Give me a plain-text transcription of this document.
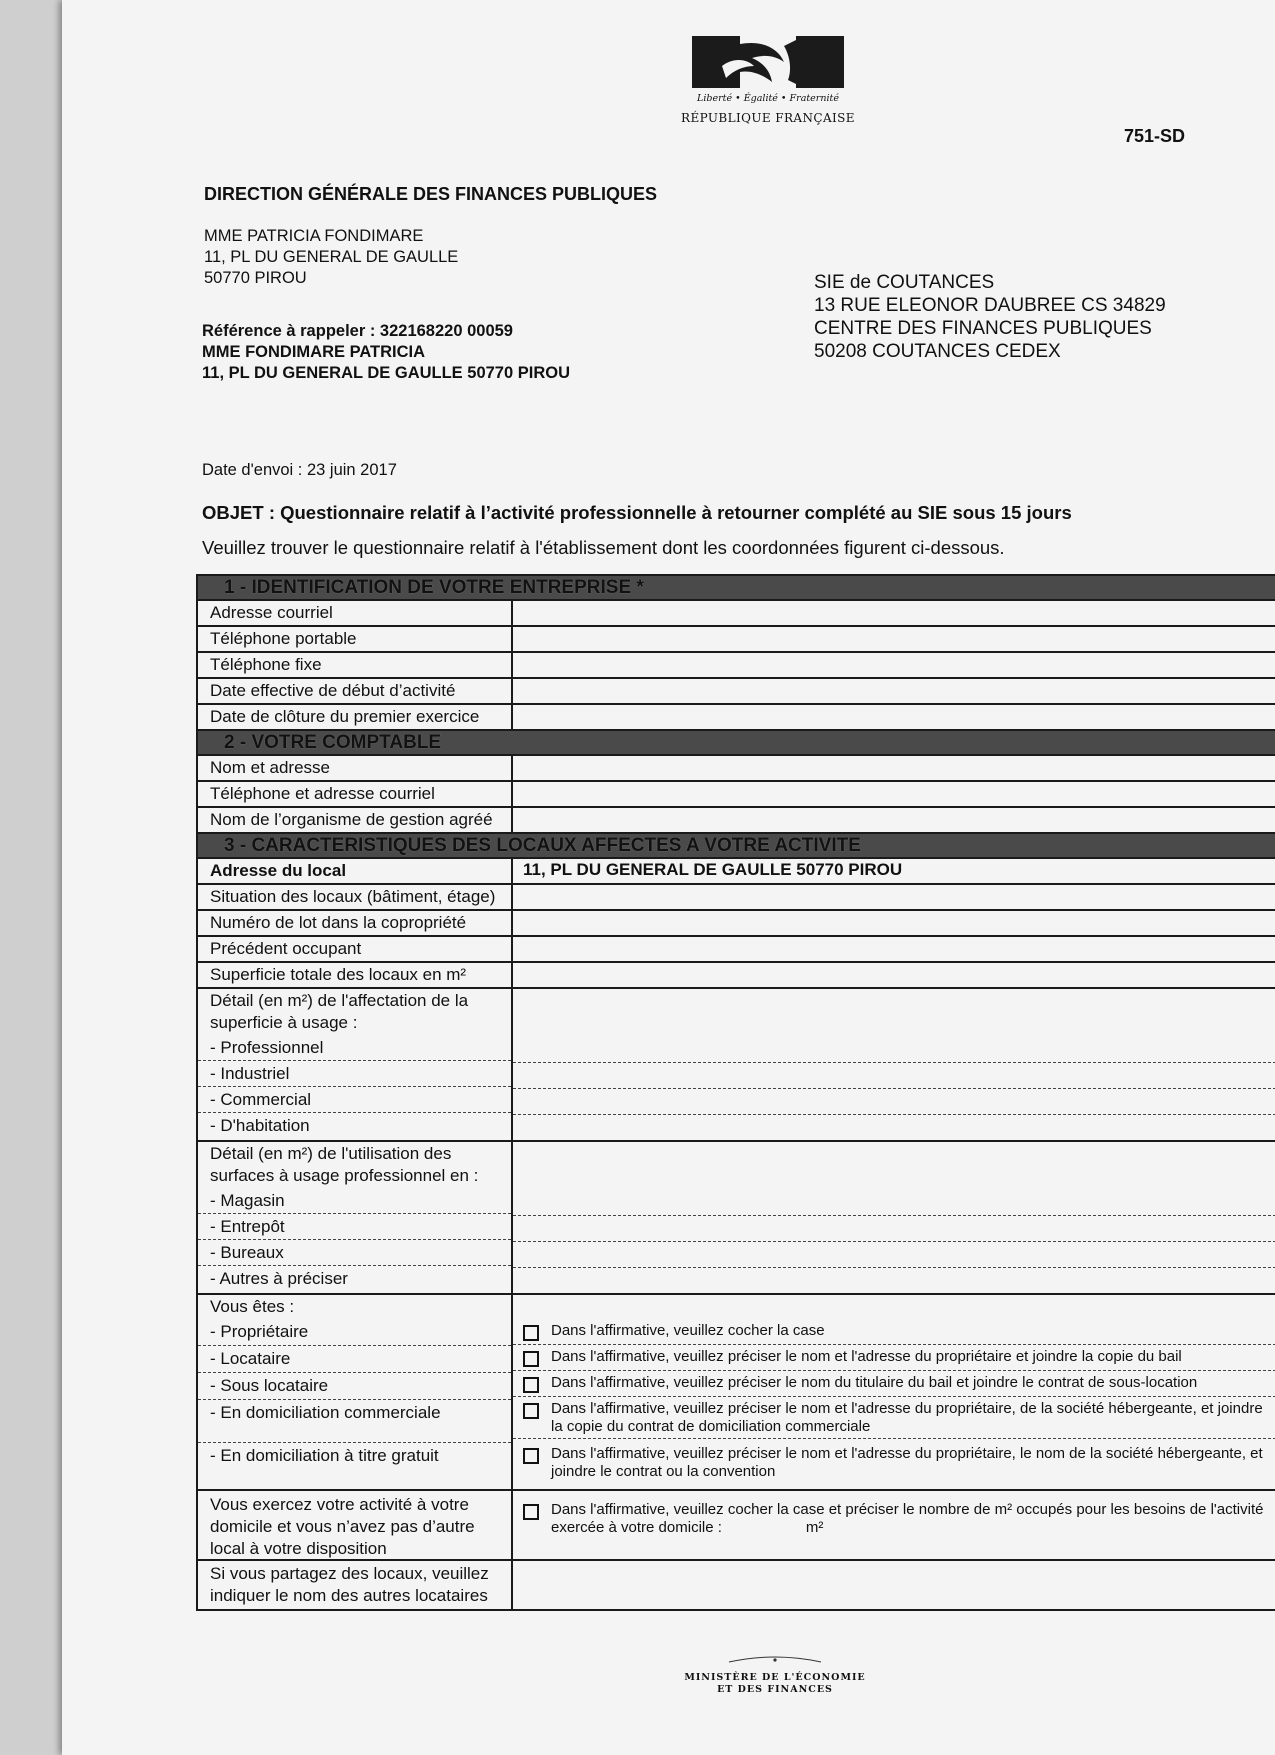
Liberté • Égalité • Fraternité
RÉPUBLIQUE FRANÇAISE
751-SD
DIRECTION GÉNÉRALE DES FINANCES PUBLIQUES
MME PATRICIA FONDIMARE
11, PL DU GENERAL DE GAULLE
50770 PIROU
Référence à rappeler : 322168220 00059
MME FONDIMARE PATRICIA
11, PL DU GENERAL DE GAULLE 50770 PIROU
SIE de COUTANCES
13 RUE ELEONOR DAUBREE CS 34829
CENTRE DES FINANCES PUBLIQUES
50208 COUTANCES CEDEX
Date d'envoi : 23 juin 2017
OBJET : Questionnaire relatif à l’activité professionnelle à retourner complété au SIE sous 15 jours
Veuillez trouver le questionnaire relatif à l'établissement dont les coordonnées figurent ci-dessous.
1 - IDENTIFICATION DE VOTRE ENTREPRISE *
Adresse courriel
Téléphone portable
Téléphone fixe
Date effective de début d’activité
Date de clôture du premier exercice
2 - VOTRE COMPTABLE
Nom et adresse
Téléphone et adresse courriel
Nom de l’organisme de gestion agréé
3 - CARACTERISTIQUES DES LOCAUX AFFECTES A VOTRE ACTIVITE
Adresse du local	11, PL DU GENERAL DE GAULLE 50770 PIROU
Situation des locaux (bâtiment, étage)
Numéro de lot dans la copropriété
Précédent occupant
Superficie totale des locaux en m²
Détail (en m²) de l'affectation de la superficie à usage :
- Professionnel
- Industriel
- Commercial
- D'habitation
Détail (en m²) de l'utilisation des surfaces à usage professionnel en :
- Magasin
- Entrepôt
- Bureaux
- Autres à préciser
Vous êtes :
- Propriétaire
- Locataire
- Sous locataire
- En domiciliation commerciale
- En domiciliation à titre gratuit
Dans l'affirmative, veuillez cocher la case
Dans l'affirmative, veuillez préciser le nom et l'adresse du propriétaire et joindre la copie du bail
Dans l'affirmative, veuillez préciser le nom du titulaire du bail et joindre le contrat de sous-location
Dans l'affirmative, veuillez préciser le nom et l'adresse du propriétaire, de la société hébergeante, et joindre la copie du contrat de domiciliation commerciale
Dans l'affirmative, veuillez préciser le nom et l'adresse du propriétaire, le nom de la société hébergeante, et joindre le contrat ou la convention
Vous exercez votre activité à votre domicile et vous n’avez pas d’autre local à votre disposition
Dans l'affirmative, veuillez cocher la case et préciser le nombre de m² occupés pour les besoins de l'activité exercée à votre domicile :	m²
Si vous partagez des locaux, veuillez indiquer le nom des autres locataires
MINISTÈRE DE L'ÉCONOMIE
ET DES FINANCES
